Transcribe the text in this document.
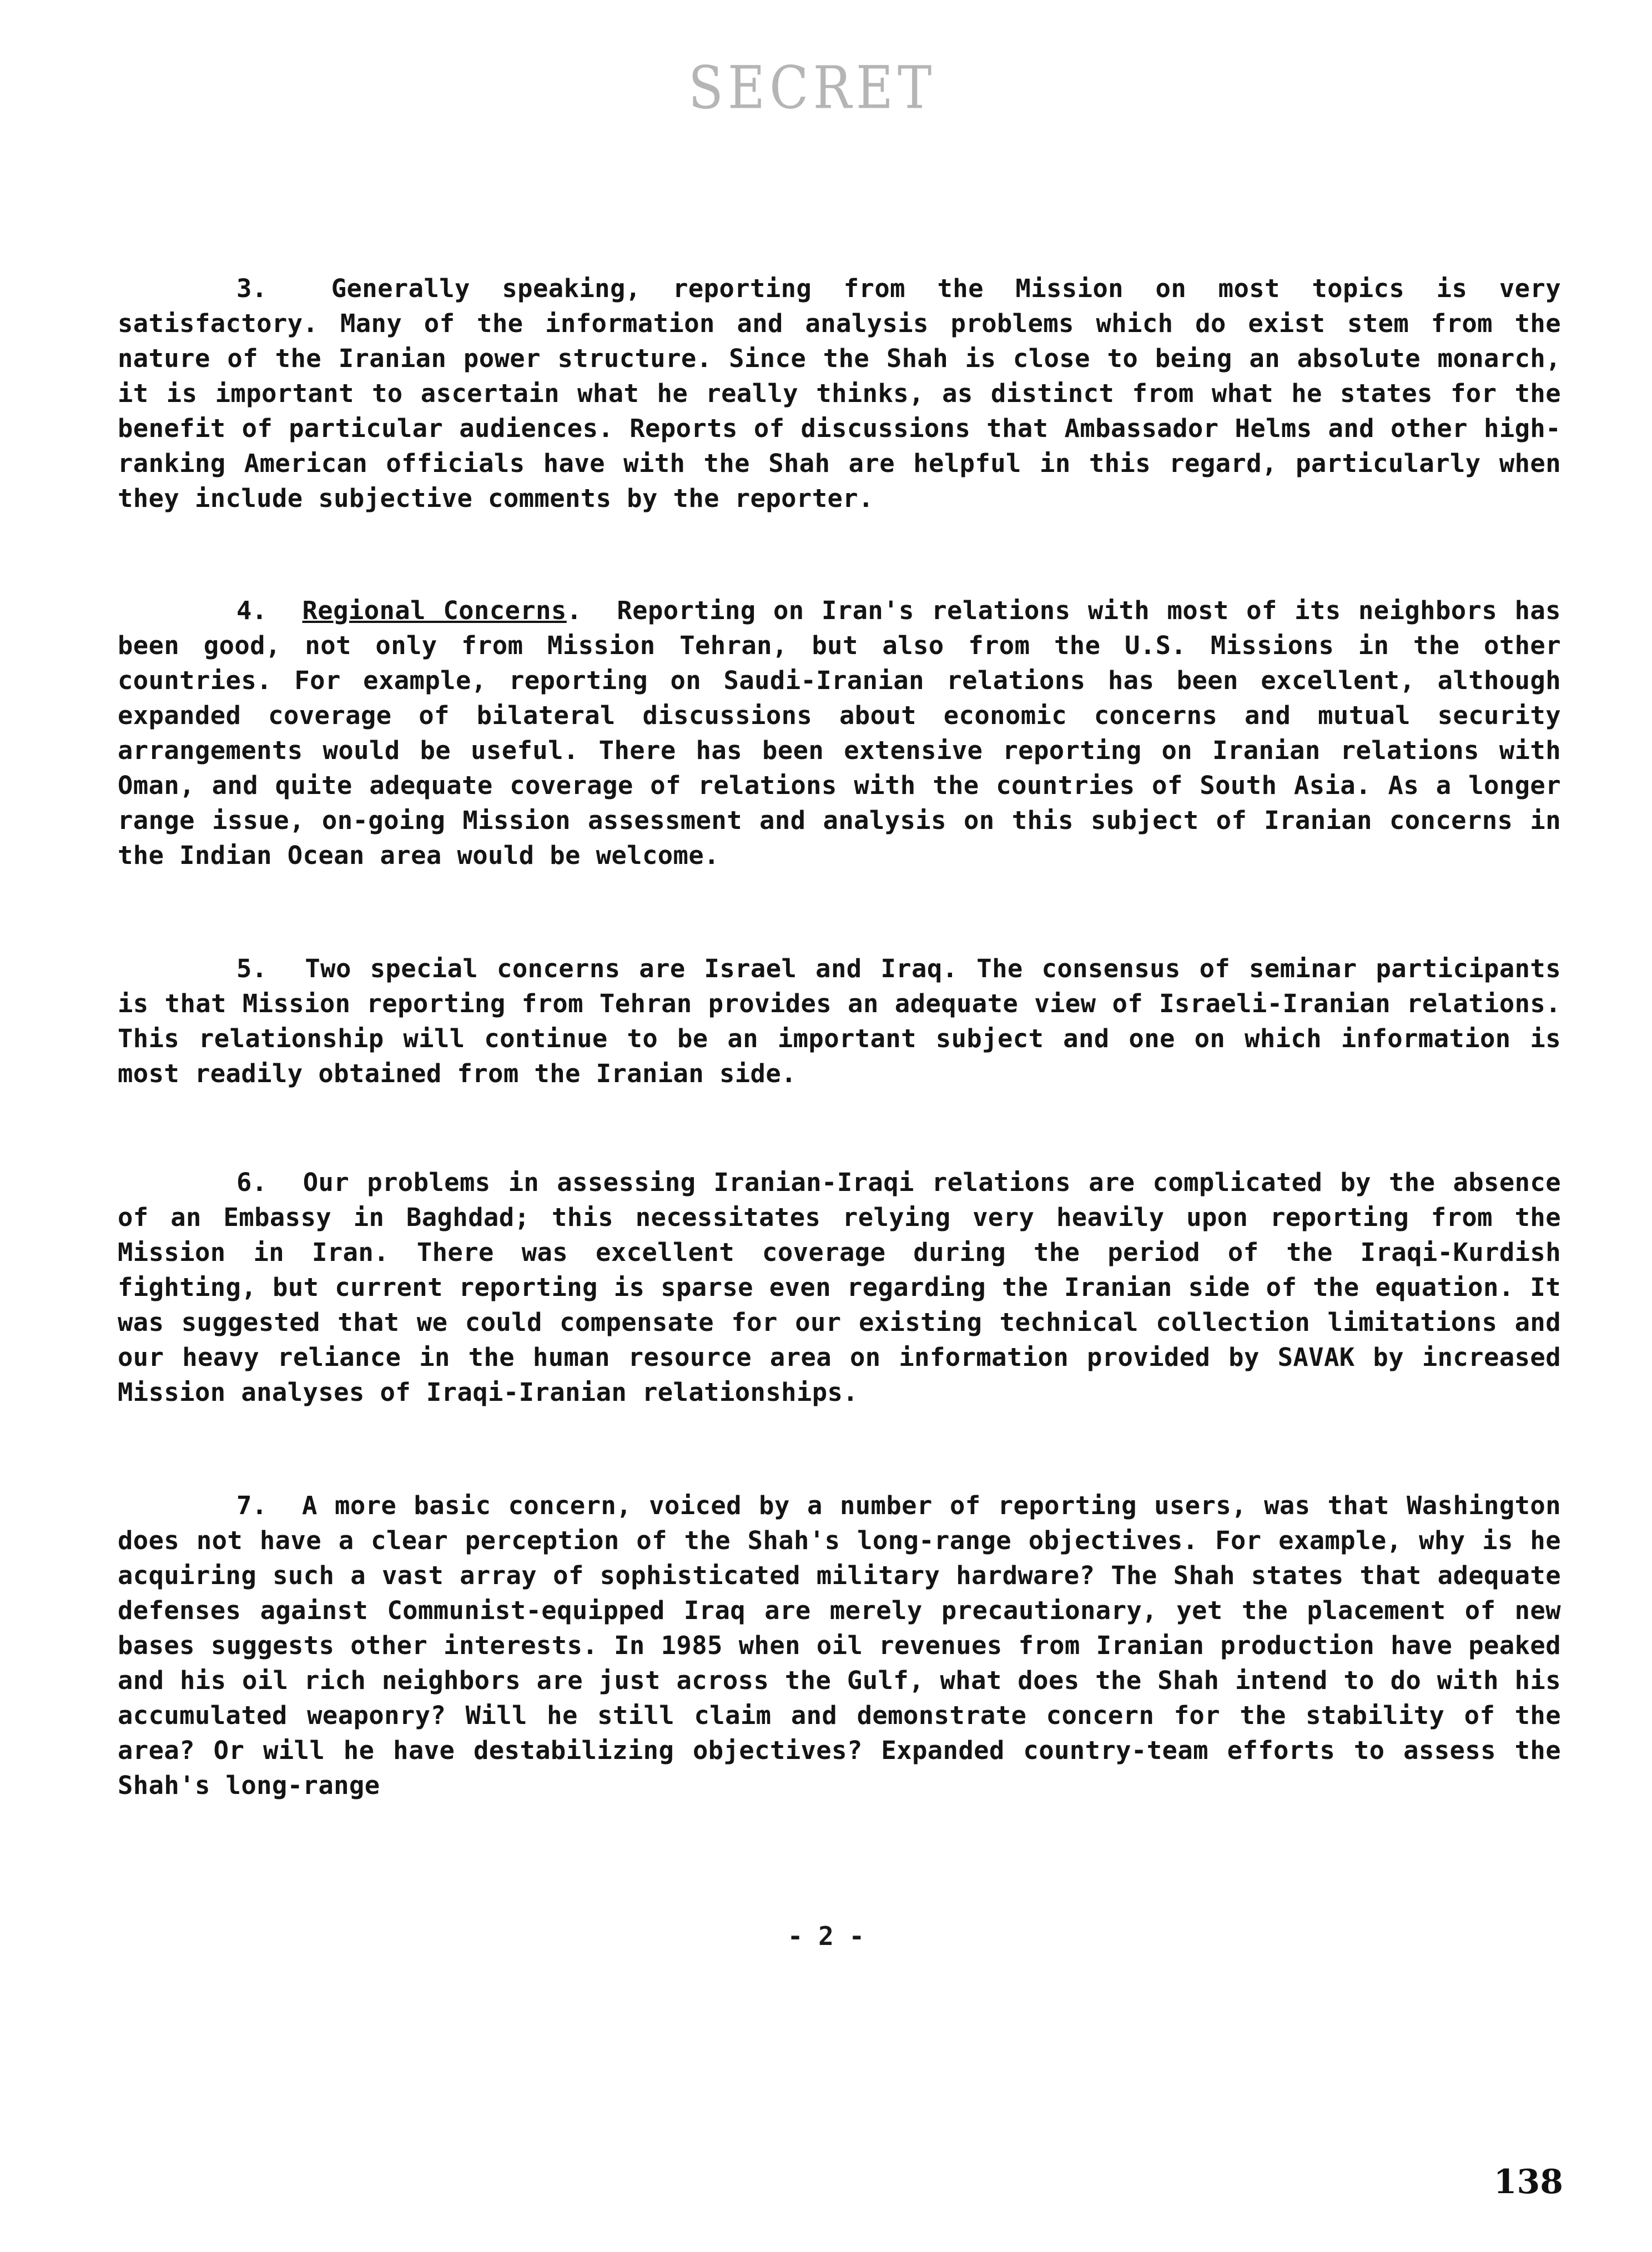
SECRET

3.	Generally speaking, reporting from the Mission on most topics is very satisfactory. Many of the information and analysis problems which do exist stem from the nature of the Iranian power structure. Since the Shah is close to being an absolute monarch, it is important to ascertain what he really thinks, as distinct from what he states for the benefit of particular audiences. Reports of discussions that Ambassador Helms and other high-ranking American officials have with the Shah are helpful in this regard, particularly when they include subjective comments by the reporter.

4. Regional Concerns. Reporting on Iran's relations with most of its neighbors has been good, not only from Mission Tehran, but also from the U.S. Missions in the other countries. For example, reporting on Saudi-Iranian relations has been excellent, although expanded coverage of bilateral discussions about economic concerns and mutual security arrangements would be useful. There has been extensive reporting on Iranian relations with Oman, and quite adequate coverage of relations with the countries of South Asia. As a longer range issue, on-going Mission assessment and analysis on this subject of Iranian concerns in the Indian Ocean area would be welcome.

5. Two special concerns are Israel and Iraq. The consensus of seminar participants is that Mission reporting from Tehran provides an adequate view of Israeli-Iranian relations. This relationship will continue to be an important subject and one on which information is most readily obtained from the Iranian side.

6. Our problems in assessing Iranian-Iraqi relations are complicated by the absence of an Embassy in Baghdad; this necessitates relying very heavily upon reporting from the Mission in Iran. There was excellent coverage during the period of the Iraqi-Kurdish fighting, but current reporting is sparse even regarding the Iranian side of the equation. It was suggested that we could compensate for our existing technical collection limitations and our heavy reliance in the human resource area on information provided by SAVAK by increased Mission analyses of Iraqi-Iranian relationships.

7. A more basic concern, voiced by a number of reporting users, was that Washington does not have a clear perception of the Shah's long-range objectives. For example, why is he acquiring such a vast array of sophisticated military hardware? The Shah states that adequate defenses against Communist-equipped Iraq are merely precautionary, yet the placement of new bases suggests other interests. In 1985 when oil revenues from Iranian production have peaked and his oil rich neighbors are just across the Gulf, what does the Shah intend to do with his accumulated weaponry? Will he still claim and demonstrate concern for the stability of the area? Or will he have destabilizing objectives? Expanded country-team efforts to assess the Shah's long-range

- 2 -
138
